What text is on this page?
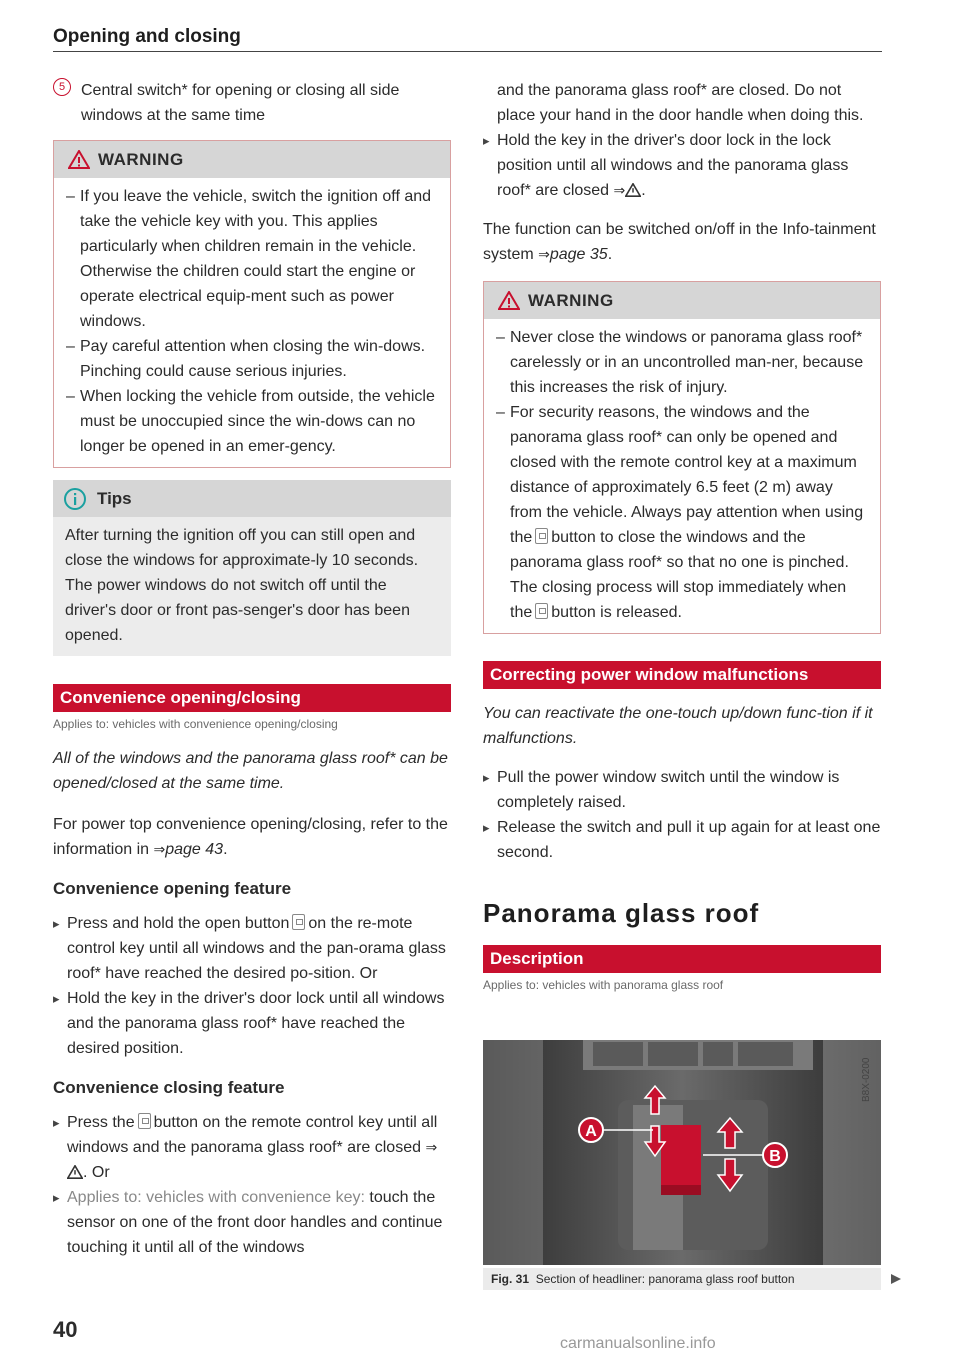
Opening and closing
5 Central switch* for opening or closing all side windows at the same time

WARNING
– If you leave the vehicle, switch the ignition off and take the vehicle key with you. This applies particularly when children remain in the vehicle. Otherwise the children could start the engine or operate electrical equip-ment such as power windows.
– Pay careful attention when closing the win-dows. Pinching could cause serious injuries.
– When locking the vehicle from outside, the vehicle must be unoccupied since the win-dows can no longer be opened in an emer-gency.
Tips

After turning the ignition off you can still open and close the windows for approximate-ly 10 seconds. The power windows do not switch off until the driver's door or front pas-senger's door has been opened.

Convenience opening/closing
Applies to: vehicles with convenience opening/closing

All of the windows and the panorama glass roof* can be opened/closed at the same time.

For power top convenience opening/closing, refer to the information in ⇒page 43.

Convenience opening feature
▸ Press and hold the open button on the re-mote control key until all windows and the pan-orama glass roof* have reached the desired po-sition. Or
▸ Hold the key in the driver's door lock until all windows and the panorama glass roof* have reached the desired position.
Convenience closing feature
▸ Press the button on the remote control key until all windows and the panorama glass roof* are closed ⇒. Or
▸ Applies to: vehicles with convenience key: touch the sensor on one of the front door handles and continue touching it until all of the windows

and the panorama glass roof* are closed. Do not place your hand in the door handle when doing this.

▸ Hold the key in the driver's door lock in the lock position until all windows and the panorama glass roof* are closed ⇒ .

The function can be switched on/off in the Info-tainment system ⇒page 35.

WARNING
– Never close the windows or panorama glass roof* carelessly or in an uncontrolled man-ner, because this increases the risk of injury.
– For security reasons, the windows and the panorama glass roof* can only be opened and closed with the remote control key at a maximum distance of approximately 6.5 feet (2 m) away from the vehicle. Always pay attention when using the button to close the windows and the panorama glass roof* so that no one is pinched. The closing process will stop immediately when the button is released.
Correcting power window malfunctions

You can reactivate the one-touch up/down func-tion if it malfunctions.

▸ Pull the power window switch until the window is completely raised.
▸ Release the switch and pull it up again for at least one second.
Panorama glass roof
Description
Applies to: vehicles with panorama glass roof
A
B
B8X-0200
Fig. 31 Section of headliner: panorama glass roof button
40
carmanualsonline.info
